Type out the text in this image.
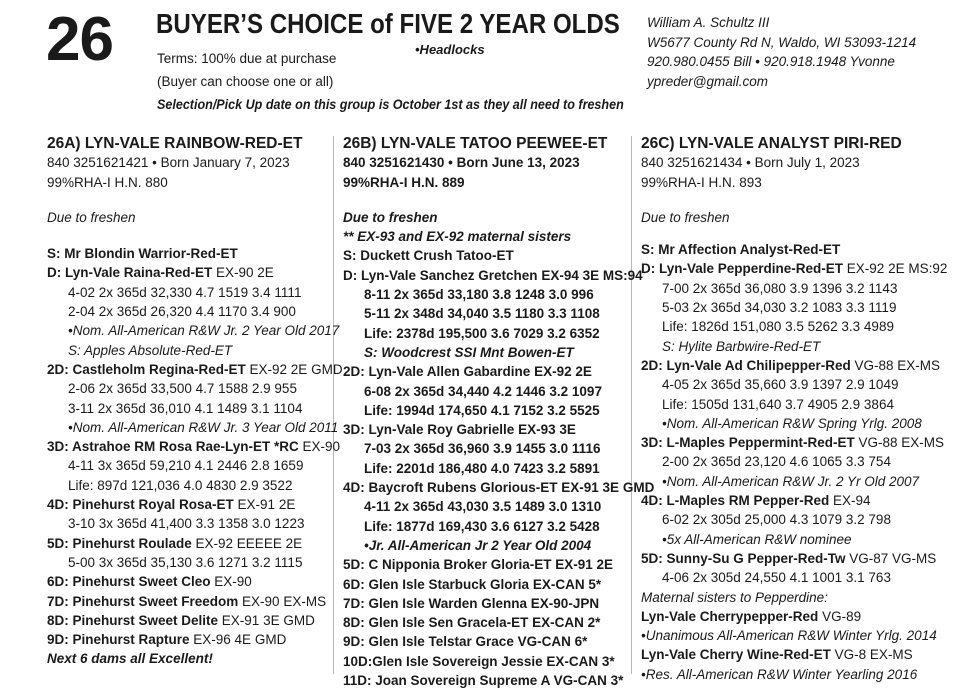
26 BUYER’S CHOICE of FIVE 2 YEAR OLDS
•Headlocks
Terms: 100% due at purchase
(Buyer can choose one or all)
Selection/Pick Up date on this group is October 1st as they all need to freshen
William A. Schultz III
W5677 County Rd N, Waldo, WI 53093-1214
920.980.0455 Bill • 920.918.1948 Yvonne
ypreder@gmail.com
26A) LYN-VALE RAINBOW-RED-ET
840 3251621421 • Born January 7, 2023
99%RHA-I H.N. 880
Due to freshen
S: Mr Blondin Warrior-Red-ET
D: Lyn-Vale Raina-Red-ET EX-90 2E
4-02 2x 365d 32,330 4.7 1519 3.4 1111
2-04 2x 365d 26,320 4.4 1170 3.4 900
•Nom. All-American R&W Jr. 2 Year Old 2017
S: Apples Absolute-Red-ET
2D: Castleholm Regina-Red-ET EX-92 2E GMD
2-06 2x 365d 33,500 4.7 1588 2.9 955
3-11 2x 365d 36,010 4.1 1489 3.1 1104
•Nom. All-American R&W Jr. 3 Year Old 2011
3D: Astrahoe RM Rosa Rae-Lyn-ET *RC EX-90
4-11 3x 365d 59,210 4.1 2446 2.8 1659
Life: 897d 121,036 4.0 4830 2.9 3522
4D: Pinehurst Royal Rosa-ET EX-91 2E
3-10 3x 365d 41,400 3.3 1358 3.0 1223
5D: Pinehurst Roulade EX-92 EEEEE 2E
5-00 3x 365d 35,130 3.6 1271 3.2 1115
6D: Pinehurst Sweet Cleo EX-90
7D: Pinehurst Sweet Freedom EX-90 EX-MS
8D: Pinehurst Sweet Delite EX-91 3E GMD
9D: Pinehurst Rapture EX-96 4E GMD
Next 6 dams all Excellent!
26B) LYN-VALE TATOO PEEWEE-ET
840 3251621430 • Born June 13, 2023
99%RHA-I H.N. 889
Due to freshen
** EX-93 and EX-92 maternal sisters
S: Duckett Crush Tatoo-ET
D: Lyn-Vale Sanchez Gretchen EX-94 3E MS:94
8-11 2x 365d 33,180 3.8 1248 3.0 996
5-11 2x 348d 34,040 3.5 1180 3.3 1108
Life: 2378d 195,500 3.6 7029 3.2 6352
S: Woodcrest SSI Mnt Bowen-ET
2D: Lyn-Vale Allen Gabardine EX-92 2E
6-08 2x 365d 34,440 4.2 1446 3.2 1097
Life: 1994d 174,650 4.1 7152 3.2 5525
3D: Lyn-Vale Roy Gabrielle EX-93 3E
7-03 2x 365d 36,960 3.9 1455 3.0 1116
Life: 2201d 186,480 4.0 7423 3.2 5891
4D: Baycroft Rubens Glorious-ET EX-91 3E GMD
4-11 2x 365d 43,030 3.5 1489 3.0 1310
Life: 1877d 169,430 3.6 6127 3.2 5428
•Jr. All-American Jr 2 Year Old 2004
5D: C Nipponia Broker Gloria-ET EX-91 2E
6D: Glen Isle Starbuck Gloria EX-CAN 5*
7D: Glen Isle Warden Glenna EX-90-JPN
8D: Glen Isle Sen Gracela-ET EX-CAN 2*
9D: Glen Isle Telstar Grace VG-CAN 6*
10D:Glen Isle Sovereign Jessie EX-CAN 3*
11D: Joan Sovereign Supreme A VG-CAN 3*
26C) LYN-VALE ANALYST PIRI-RED
840 3251621434 • Born July 1, 2023
99%RHA-I H.N. 893
Due to freshen
S: Mr Affection Analyst-Red-ET
D: Lyn-Vale Pepperdine-Red-ET EX-92 2E MS:92
7-00 2x 365d 36,080 3.9 1396 3.2 1143
5-03 2x 365d 34,030 3.2 1083 3.3 1119
Life: 1826d 151,080 3.5 5262 3.3 4989
S: Hylite Barbwire-Red-ET
2D: Lyn-Vale Ad Chilipepper-Red VG-88 EX-MS
4-05 2x 365d 35,660 3.9 1397 2.9 1049
Life: 1505d 131,640 3.7 4905 2.9 3864
•Nom. All-American R&W Spring Yrlg. 2008
3D: L-Maples Peppermint-Red-ET VG-88 EX-MS
2-00 2x 365d 23,120 4.6 1065 3.3 754
•Nom. All-American R&W Jr. 2 Yr Old 2007
4D: L-Maples RM Pepper-Red EX-94
6-02 2x 305d 25,000 4.3 1079 3.2 798
•5x All-American R&W nominee
5D: Sunny-Su G Pepper-Red-Tw VG-87 VG-MS
4-06 2x 305d 24,550 4.1 1001 3.1 763
Maternal sisters to Pepperdine:
Lyn-Vale Cherrypepper-Red VG-89
•Unanimous All-American R&W Winter Yrlg. 2014
Lyn-Vale Cherry Wine-Red-ET VG-8 EX-MS
•Res. All-American R&W Winter Yearling 2016
